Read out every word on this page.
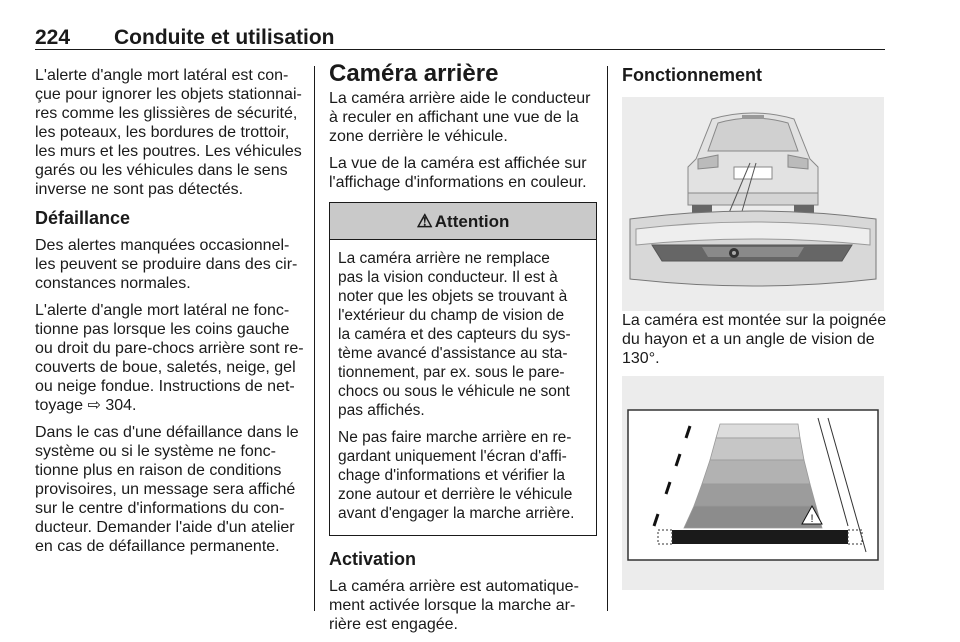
224 Conduite et utilisation

L'alerte d'angle mort latéral est con-
çue pour ignorer les objets stationnai-
res comme les glissières de sécurité,
les poteaux, les bordures de trottoir,
les murs et les poutres. Les véhicules
garés ou les véhicules dans le sens
inverse ne sont pas détectés.

Défaillance

Des alertes manquées occasionnel-
les peuvent se produire dans des cir-
constances normales.

L'alerte d'angle mort latéral ne fonc-
tionne pas lorsque les coins gauche
ou droit du pare-chocs arrière sont re-
couverts de boue, saletés, neige, gel
ou neige fondue. Instructions de net-
toyage ⇨ 304.

Dans le cas d'une défaillance dans le
système ou si le système ne fonc-
tionne plus en raison de conditions
provisoires, un message sera affiché
sur le centre d'informations du con-
ducteur. Demander l'aide d'un atelier
en cas de défaillance permanente.

Caméra arrière

La caméra arrière aide le conducteur
à reculer en affichant une vue de la
zone derrière le véhicule.

La vue de la caméra est affichée sur
l'affichage d'informations en couleur.

⚠ Attention

La caméra arrière ne remplace
pas la vision conducteur. Il est à
noter que les objets se trouvant à
l'extérieur du champ de vision de
la caméra et des capteurs du sys-
tème avancé d'assistance au sta-
tionnement, par ex. sous le pare-
chocs ou sous le véhicule ne sont
pas affichés.

Ne pas faire marche arrière en re-
gardant uniquement l'écran d'affi-
chage d'informations et vérifier la
zone autour et derrière le véhicule
avant d'engager la marche arrière.

Activation

La caméra arrière est automatique-
ment activée lorsque la marche ar-
rière est engagée.

Fonctionnement

La caméra est montée sur la poignée
du hayon et a un angle de vision de
130°.

!
